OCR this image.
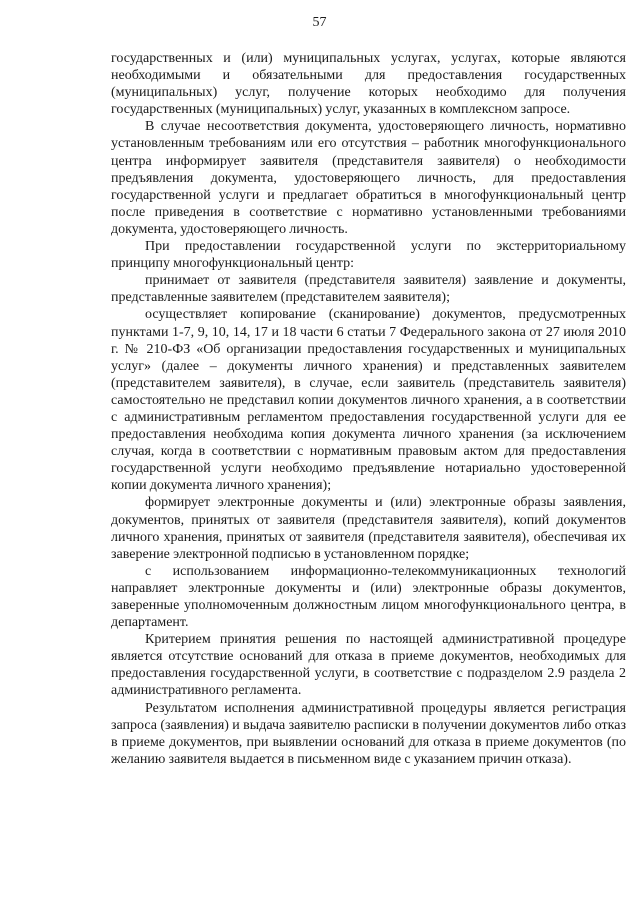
57

государственных и (или) муниципальных услугах, услугах, которые являются необходимыми и обязательными для предоставления государственных (муниципальных) услуг, получение которых необходимо для получения государственных (муниципальных) услуг, указанных в комплексном запросе.

В случае несоответствия документа, удостоверяющего личность, нормативно установленным требованиям или его отсутствия – работник многофункционального центра информирует заявителя (представителя заявителя) о необходимости предъявления документа, удостоверяющего личность, для предоставления государственной услуги и предлагает обратиться в многофункциональный центр после приведения в соответствие с нормативно установленными требованиями документа, удостоверяющего личность.

При предоставлении государственной услуги по экстерриториальному принципу многофункциональный центр:

принимает от заявителя (представителя заявителя) заявление и документы, представленные заявителем (представителем заявителя);

осуществляет копирование (сканирование) документов, предусмотренных пунктами 1-7, 9, 10, 14, 17 и 18 части 6 статьи 7 Федерального закона от 27 июля 2010 г. № 210-ФЗ «Об организации предоставления государственных и муниципальных услуг» (далее – документы личного хранения) и представленных заявителем (представителем заявителя), в случае, если заявитель (представитель заявителя) самостоятельно не представил копии документов личного хранения, а в соответствии с административным регламентом предоставления государственной услуги для ее предоставления необходима копия документа личного хранения (за исключением случая, когда в соответствии с нормативным правовым актом для предоставления государственной услуги необходимо предъявление нотариально удостоверенной копии документа личного хранения);

формирует электронные документы и (или) электронные образы заявления, документов, принятых от заявителя (представителя заявителя), копий документов личного хранения, принятых от заявителя (представителя заявителя), обеспечивая их заверение электронной подписью в установленном порядке;

с использованием информационно-телекоммуникационных технологий направляет электронные документы и (или) электронные образы документов, заверенные уполномоченным должностным лицом многофункционального центра, в департамент.

Критерием принятия решения по настоящей административной процедуре является отсутствие оснований для отказа в приеме документов, необходимых для предоставления государственной услуги, в соответствие с подразделом 2.9 раздела 2 административного регламента.

Результатом исполнения административной процедуры является регистрация запроса (заявления) и выдача заявителю расписки в получении документов либо отказ в приеме документов, при выявлении оснований для отказа в приеме документов (по желанию заявителя выдается в письменном виде с указанием причин отказа).
